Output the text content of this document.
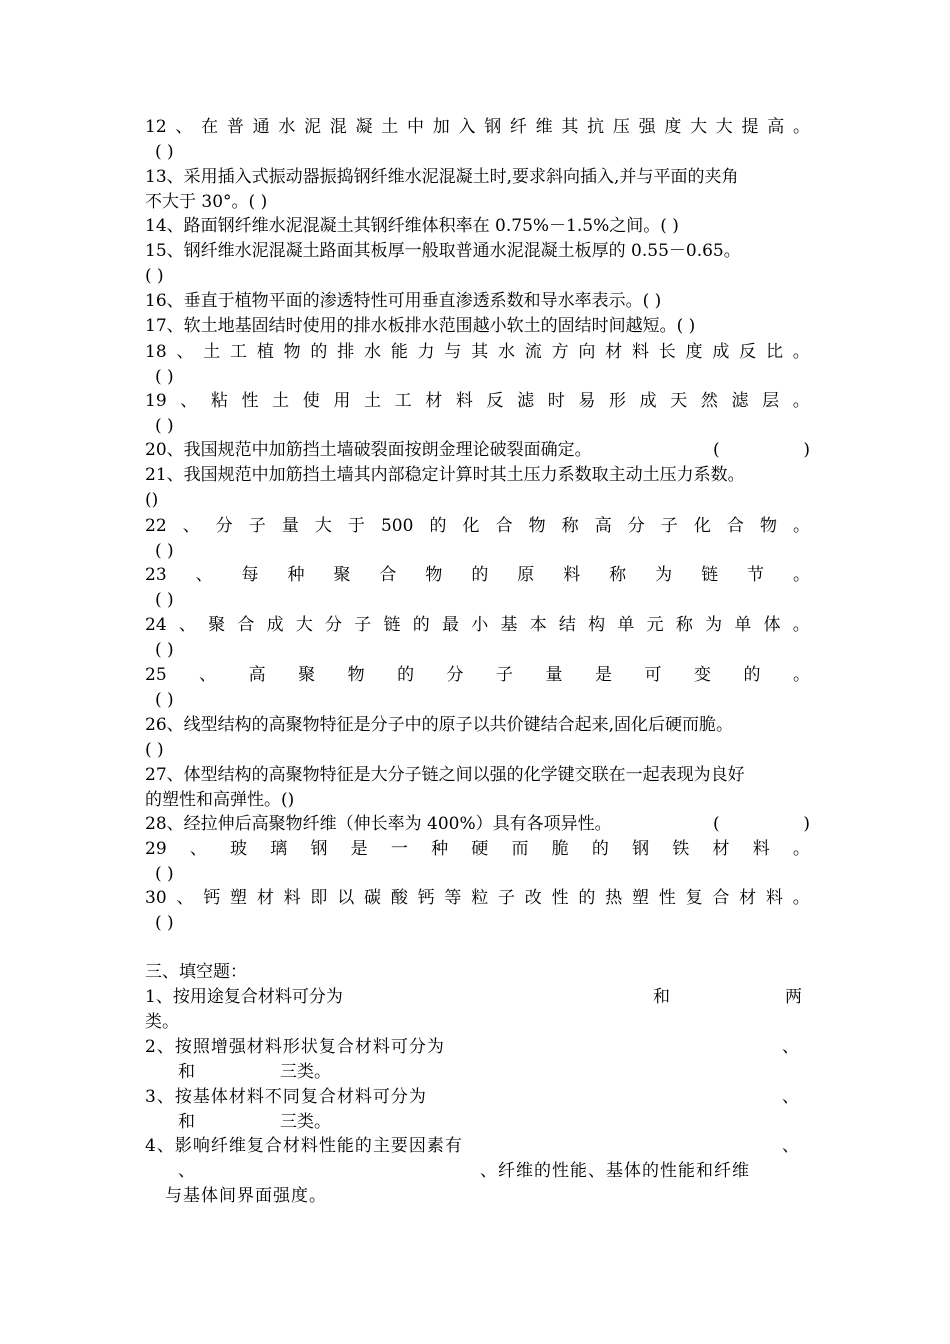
12 、 在 普 通 水 泥 混 凝 土 中 加 入 钢 纤 维 其 抗 压 强 度 大 大 提 高 。
( )
13、采用插入式振动器振捣钢纤维水泥混凝土时,要求斜向插入,并与平面的夹角
不大于 30°。( )
14、路面钢纤维水泥混凝土其钢纤维体积率在 0.75%－1.5%之间。( )
15、钢纤维水泥混凝土路面其板厚一般取普通水泥混凝土板厚的 0.55－0.65。
( )
16、垂直于植物平面的渗透特性可用垂直渗透系数和导水率表示。( )
17、软土地基固结时使用的排水板排水范围越小软土的固结时间越短。( )
18 、 土 工 植 物 的 排 水 能 力 与 其 水 流 方 向 材 料 长 度 成 反 比 。
( )
19 、 粘 性 土 使 用 土 工 材 料 反 滤 时 易 形 成 天 然 滤 层 。
( )
20、我国规范中加筋挡土墙破裂面按朗金理论破裂面确定。	(	)
21、我国规范中加筋挡土墙其内部稳定计算时其土压力系数取主动土压力系数。
()
22 、 分 子 量 大 于 500 的 化 合 物 称 高 分 子 化 合 物 。
( )
23 、 每 种 聚 合 物 的 原 料 称 为 链 节 。
( )
24 、 聚 合 成 大 分 子 链 的 最 小 基 本 结 构 单 元 称 为 单 体 。
( )
25 、 高 聚 物 的 分 子 量 是 可 变 的 。
( )
26、线型结构的高聚物特征是分子中的原子以共价键结合起来,固化后硬而脆。
( )
27、体型结构的高聚物特征是大分子链之间以强的化学键交联在一起表现为良好
的塑性和高弹性。()
28、经拉伸后高聚物纤维（伸长率为 400%）具有各项异性。	(	)
29 、 玻 璃 钢 是 一 种 硬 而 脆 的 钢 铁 材 料 。
( )
30 、 钙 塑 材 料 即 以 碳 酸 钙 等 粒 子 改 性 的 热 塑 性 复 合 材 料 。
( )
三、填空题：
1、按用途复合材料可分为	和	两
类。
2、按照增强材料形状复合材料可分为	、
和	三类。
3、按基体材料不同复合材料可分为	、
和	三类。
4、影响纤维复合材料性能的主要因素有	、
、	、纤维的性能、基体的性能和纤维
与基体间界面强度。
